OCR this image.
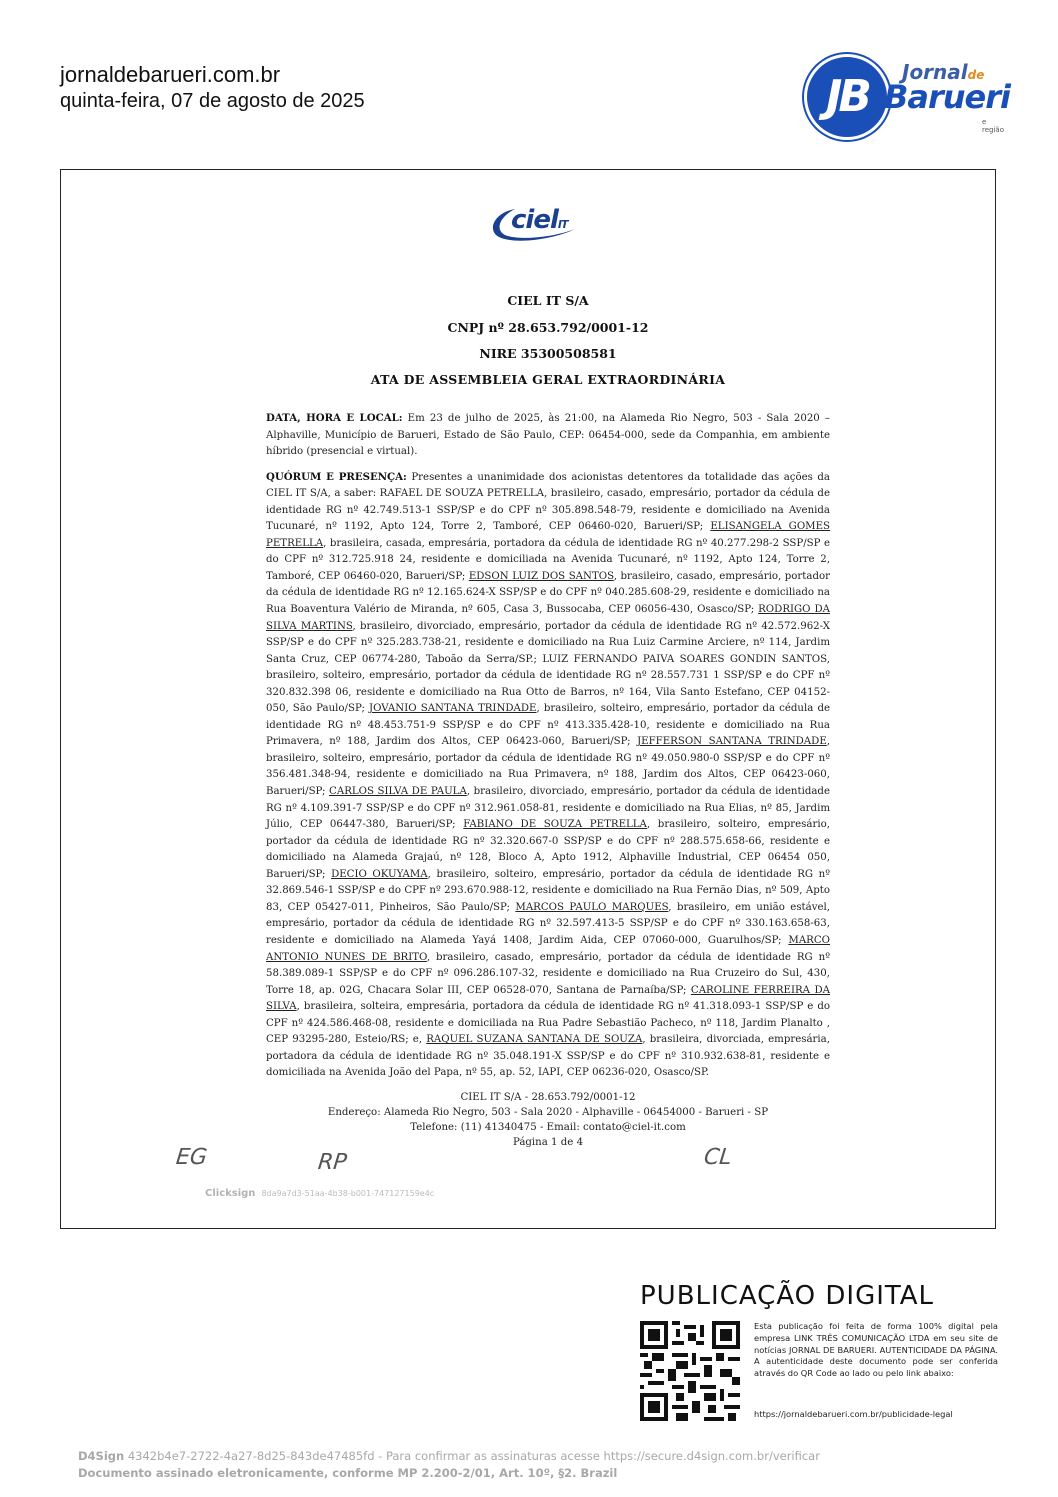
jornaldebarueri.com.br
quinta-feira, 07 de agosto de 2025	JB	Jornalde
Barueri
e região
cielIT
CIEL IT S/A
CNPJ nº 28.653.792/0001-12
NIRE 35300508581
ATA DE ASSEMBLEIA GERAL EXTRAORDINÁRIA

DATA, HORA E LOCAL: Em 23 de julho de 2025, às 21:00, na Alameda Rio Negro, 503 - Sala 2020 – Alphaville, Município de Barueri, Estado de São Paulo, CEP: 06454-000, sede da Companhia, em ambiente híbrido (presencial e virtual).

QUÓRUM E PRESENÇA: Presentes a unanimidade dos acionistas detentores da totalidade das ações da CIEL IT S/A, a saber: RAFAEL DE SOUZA PETRELLA, brasileiro, casado, empresário, portador da cédula de identidade RG nº 42.749.513-1 SSP/SP e do CPF nº 305.898.548-79, residente e domiciliado na Avenida Tucunaré, nº 1192, Apto 124, Torre 2, Tamboré, CEP 06460-020, Barueri/SP; ELISANGELA GOMES PETRELLA, brasileira, casada, empresária, portadora da cédula de identidade RG nº 40.277.298-2 SSP/SP e do CPF nº 312.725.918 24, residente e domiciliada na Avenida Tucunaré, nº 1192, Apto 124, Torre 2, Tamboré, CEP 06460-020, Barueri/SP; EDSON LUIZ DOS SANTOS, brasileiro, casado, empresário, portador da cédula de identidade RG nº 12.165.624-X SSP/SP e do CPF nº 040.285.608-29, residente e domiciliado na Rua Boaventura Valério de Miranda, nº 605, Casa 3, Bussocaba, CEP 06056-430, Osasco/SP; RODRIGO DA SILVA MARTINS, brasileiro, divorciado, empresário, portador da cédula de identidade RG nº 42.572.962-X SSP/SP e do CPF nº 325.283.738-21, residente e domiciliado na Rua Luiz Carmine Arciere, nº 114, Jardim Santa Cruz, CEP 06774-280, Taboão da Serra/SP.; LUIZ FERNANDO PAIVA SOARES GONDIN SANTOS, brasileiro, solteiro, empresário, portador da cédula de identidade RG nº 28.557.731 1 SSP/SP e do CPF nº 320.832.398 06, residente e domiciliado na Rua Otto de Barros, nº 164, Vila Santo Estefano, CEP 04152-050, São Paulo/SP; JOVANIO SANTANA TRINDADE, brasileiro, solteiro, empresário, portador da cédula de identidade RG nº 48.453.751-9 SSP/SP e do CPF nº 413.335.428-10, residente e domiciliado na Rua Primavera, nº 188, Jardim dos Altos, CEP 06423-060, Barueri/SP; JEFFERSON SANTANA TRINDADE, brasileiro, solteiro, empresário, portador da cédula de identidade RG nº 49.050.980-0 SSP/SP e do CPF nº 356.481.348-94, residente e domiciliado na Rua Primavera, nº 188, Jardim dos Altos, CEP 06423-060, Barueri/SP; CARLOS SILVA DE PAULA, brasileiro, divorciado, empresário, portador da cédula de identidade RG nº 4.109.391-7 SSP/SP e do CPF nº 312.961.058-81, residente e domiciliado na Rua Elias, nº 85, Jardim Júlio, CEP 06447-380, Barueri/SP; FABIANO DE SOUZA PETRELLA, brasileiro, solteiro, empresário, portador da cédula de identidade RG nº 32.320.667-0 SSP/SP e do CPF nº 288.575.658-66, residente e domiciliado na Alameda Grajaú, nº 128, Bloco A, Apto 1912, Alphaville Industrial, CEP 06454 050, Barueri/SP; DECIO OKUYAMA, brasileiro, solteiro, empresário, portador da cédula de identidade RG nº 32.869.546-1 SSP/SP e do CPF nº 293.670.988-12, residente e domiciliado na Rua Fernão Dias, nº 509, Apto 83, CEP 05427-011, Pinheiros, São Paulo/SP; MARCOS PAULO MARQUES, brasileiro, em união estável, empresário, portador da cédula de identidade RG nº 32.597.413-5 SSP/SP e do CPF nº 330.163.658-63, residente e domiciliado na Alameda Yayá 1408, Jardim Aida, CEP 07060-000, Guarulhos/SP; MARCO ANTONIO NUNES DE BRITO, brasileiro, casado, empresário, portador da cédula de identidade RG nº 58.389.089-1 SSP/SP e do CPF nº 096.286.107-32, residente e domiciliado na Rua Cruzeiro do Sul, 430, Torre 18, ap. 02G, Chacara Solar III, CEP 06528-070, Santana de Parnaíba/SP; CAROLINE FERREIRA DA SILVA, brasileira, solteira, empresária, portadora da cédula de identidade RG nº 41.318.093-1 SSP/SP e do CPF nº 424.586.468-08, residente e domiciliada na Rua Padre Sebastião Pacheco, nº 118, Jardim Planalto , CEP 93295-280, Esteio/RS; e, RAQUEL SUZANA SANTANA DE SOUZA, brasileira, divorciada, empresária, portadora da cédula de identidade RG nº 35.048.191-X SSP/SP e do CPF nº 310.932.638-81, residente e domiciliada na Avenida João del Papa, nº 55, ap. 52, IAPI, CEP 06236-020, Osasco/SP.

CIEL IT S/A - 28.653.792/0001-12
Endereço: Alameda Rio Negro, 503 - Sala 2020 - Alphaville - 06454000 - Barueri - SP
Telefone: (11) 41340475 - Email: contato@ciel-it.com
Página 1 de 4
EG	RP	CL
Clicksign 8da9a7d3-51aa-4b38-b001-747127159e4c
PUBLICAÇÃO DIGITAL
Esta publicação foi feita de forma 100% digital pela empresa LINK TRÊS COMUNICAÇÃO LTDA em seu site de notícias JORNAL DE BARUERI. AUTENTICIDADE DA PÁGINA. A autenticidade deste documento pode ser conferida através do QR Code ao lado ou pelo link abaixo:
https://jornaldebarueri.com.br/publicidade-legal
D4Sign 4342b4e7-2722-4a27-8d25-843de47485fd - Para confirmar as assinaturas acesse https://secure.d4sign.com.br/verificar
Documento assinado eletronicamente, conforme MP 2.200-2/01, Art. 10º, §2. Brazil
